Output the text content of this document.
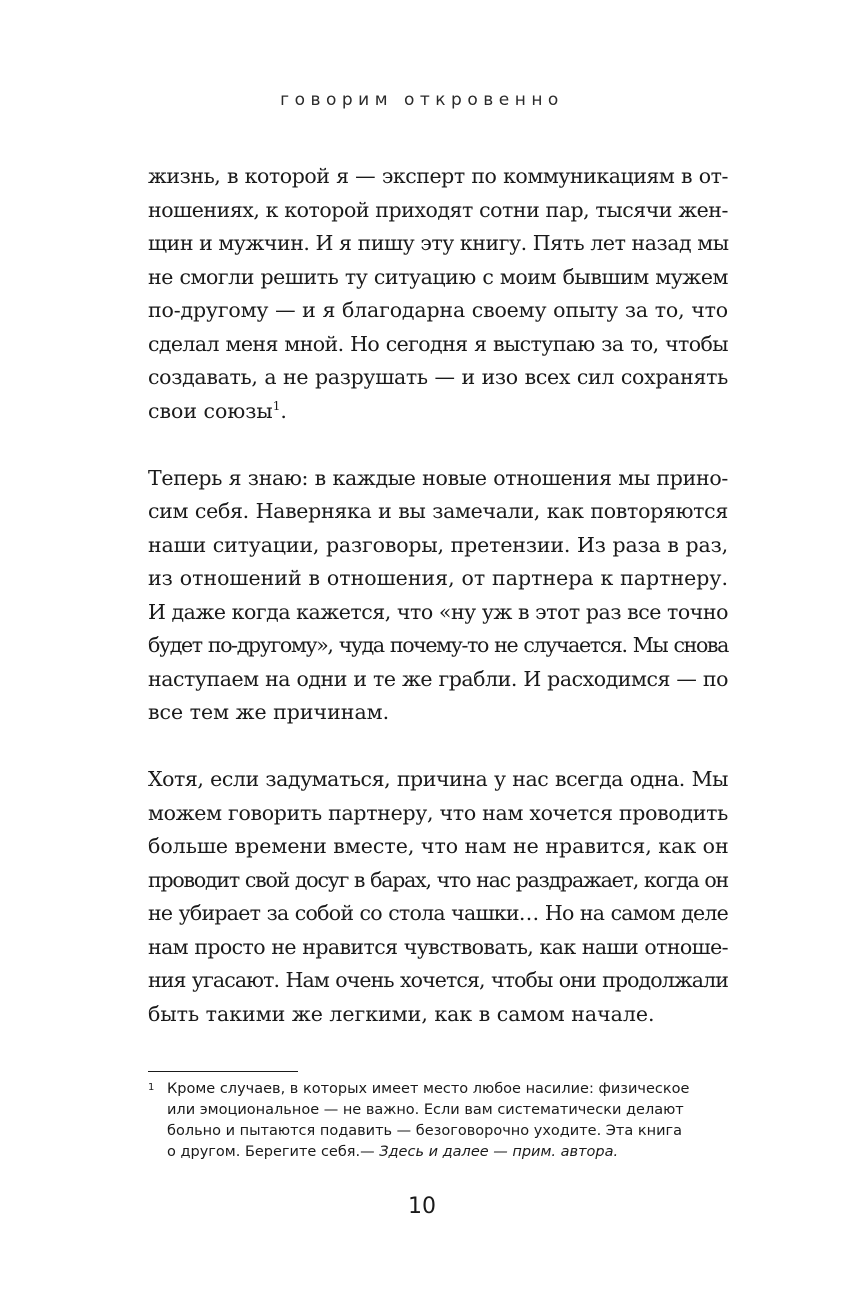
говорим откровенно

жизнь, в которой я — эксперт по коммуникациям в от-
ношениях, к которой приходят сотни пар, тысячи жен-
щин и мужчин. И я пишу эту книгу. Пять лет назад мы
не смогли решить ту ситуацию с моим бывшим мужем
по-другому — и я благодарна своему опыту за то, что
сделал меня мной. Но сегодня я выступаю за то, чтобы
создавать, а не разрушать — и изо всех сил сохранять
свои союзы$^1$.

Теперь я знаю: в каждые новые отношения мы прино-
сим себя. Наверняка и вы замечали, как повторяются
наши ситуации, разговоры, претензии. Из раза в раз,
из отношений в отношения, от партнера к партнеру.
И даже когда кажется, что «ну уж в этот раз все точно
будет по-другому», чуда почему-то не случается. Мы снова
наступаем на одни и те же грабли. И расходимся — по
все тем же причинам.

Хотя, если задуматься, причина у нас всегда одна. Мы
можем говорить партнеру, что нам хочется проводить
больше времени вместе, что нам не нравится, как он
проводит свой досуг в барах, что нас раздражает, когда он
не убирает за собой со стола чашки… Но на самом деле
нам просто не нравится чувствовать, как наши отноше-
ния угасают. Нам очень хочется, чтобы они продолжали
быть такими же легкими, как в самом начале.

1 Кроме случаев, в которых имеет место любое насилие: физическое
или эмоциональное — не важно. Если вам систематически делают
больно и пытаются подавить — безоговорочно уходите. Эта книга
о другом. Берегите себя.— Здесь и далее — прим. автора.
10
